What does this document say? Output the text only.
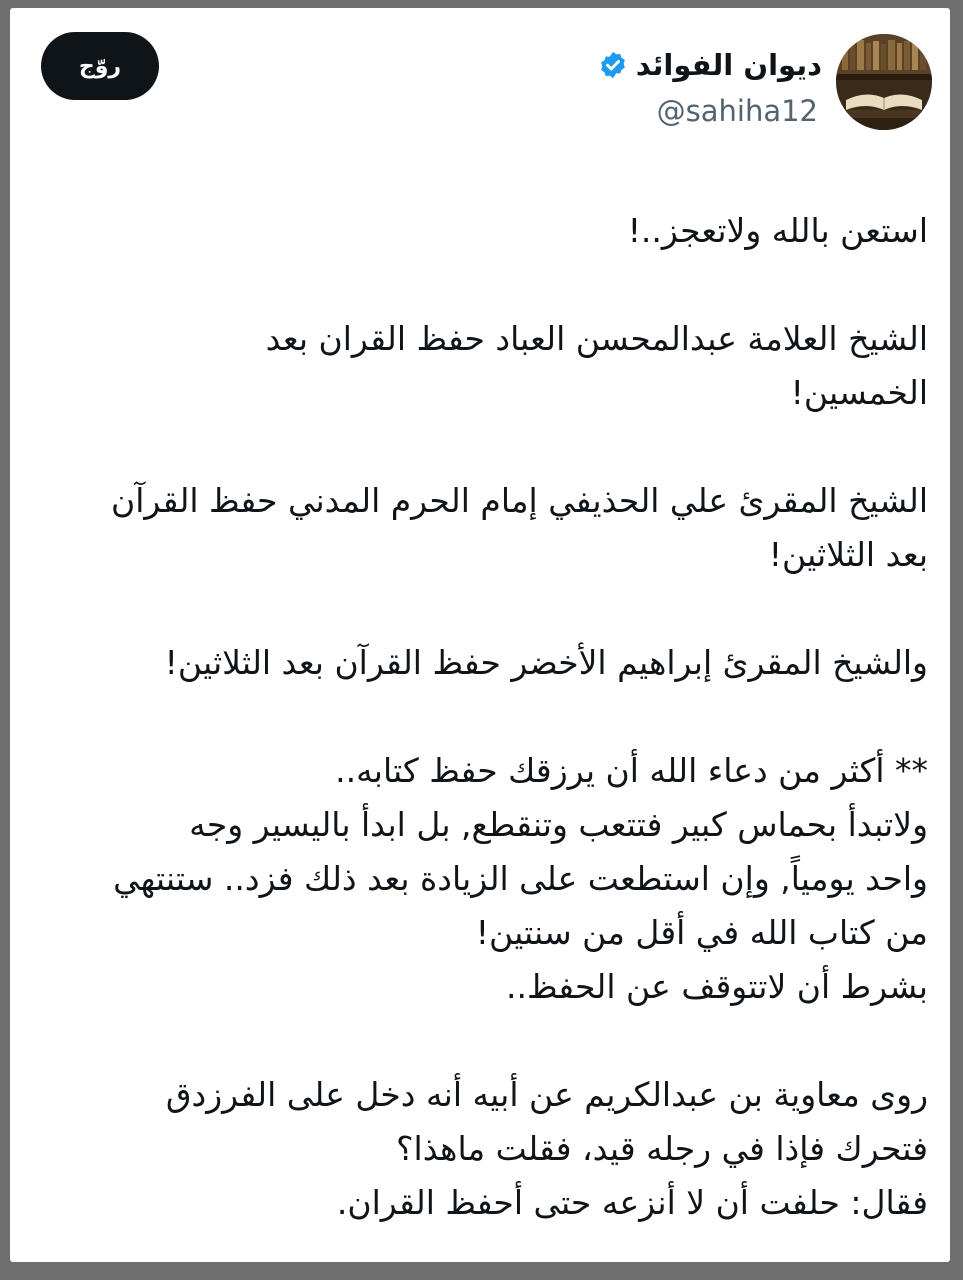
ديوان الفوائد
@sahiha12
روّج
استعن بالله ولاتعجز..!
الشيخ العلامة عبدالمحسن العباد حفظ القران بعد
الخمسين!
الشيخ المقرئ علي الحذيفي إمام الحرم المدني حفظ القرآن
بعد الثلاثين!
والشيخ المقرئ إبراهيم الأخضر حفظ القرآن بعد الثلاثين!
** أكثر من دعاء الله أن يرزقك حفظ كتابه..
ولاتبدأ بحماس كبير فتتعب وتنقطع, بل ابدأ باليسير وجه
واحد يومياً, وإن استطعت على الزيادة بعد ذلك فزد.. ستنتهي
من كتاب الله في أقل من سنتين!
بشرط أن لاتتوقف عن الحفظ..
روى معاوية بن عبدالكريم عن أبيه أنه دخل على الفرزدق
فتحرك فإذا في رجله قيد، فقلت ماهذا؟
فقال: حلفت أن لا أنزعه حتى أحفظ القران.
